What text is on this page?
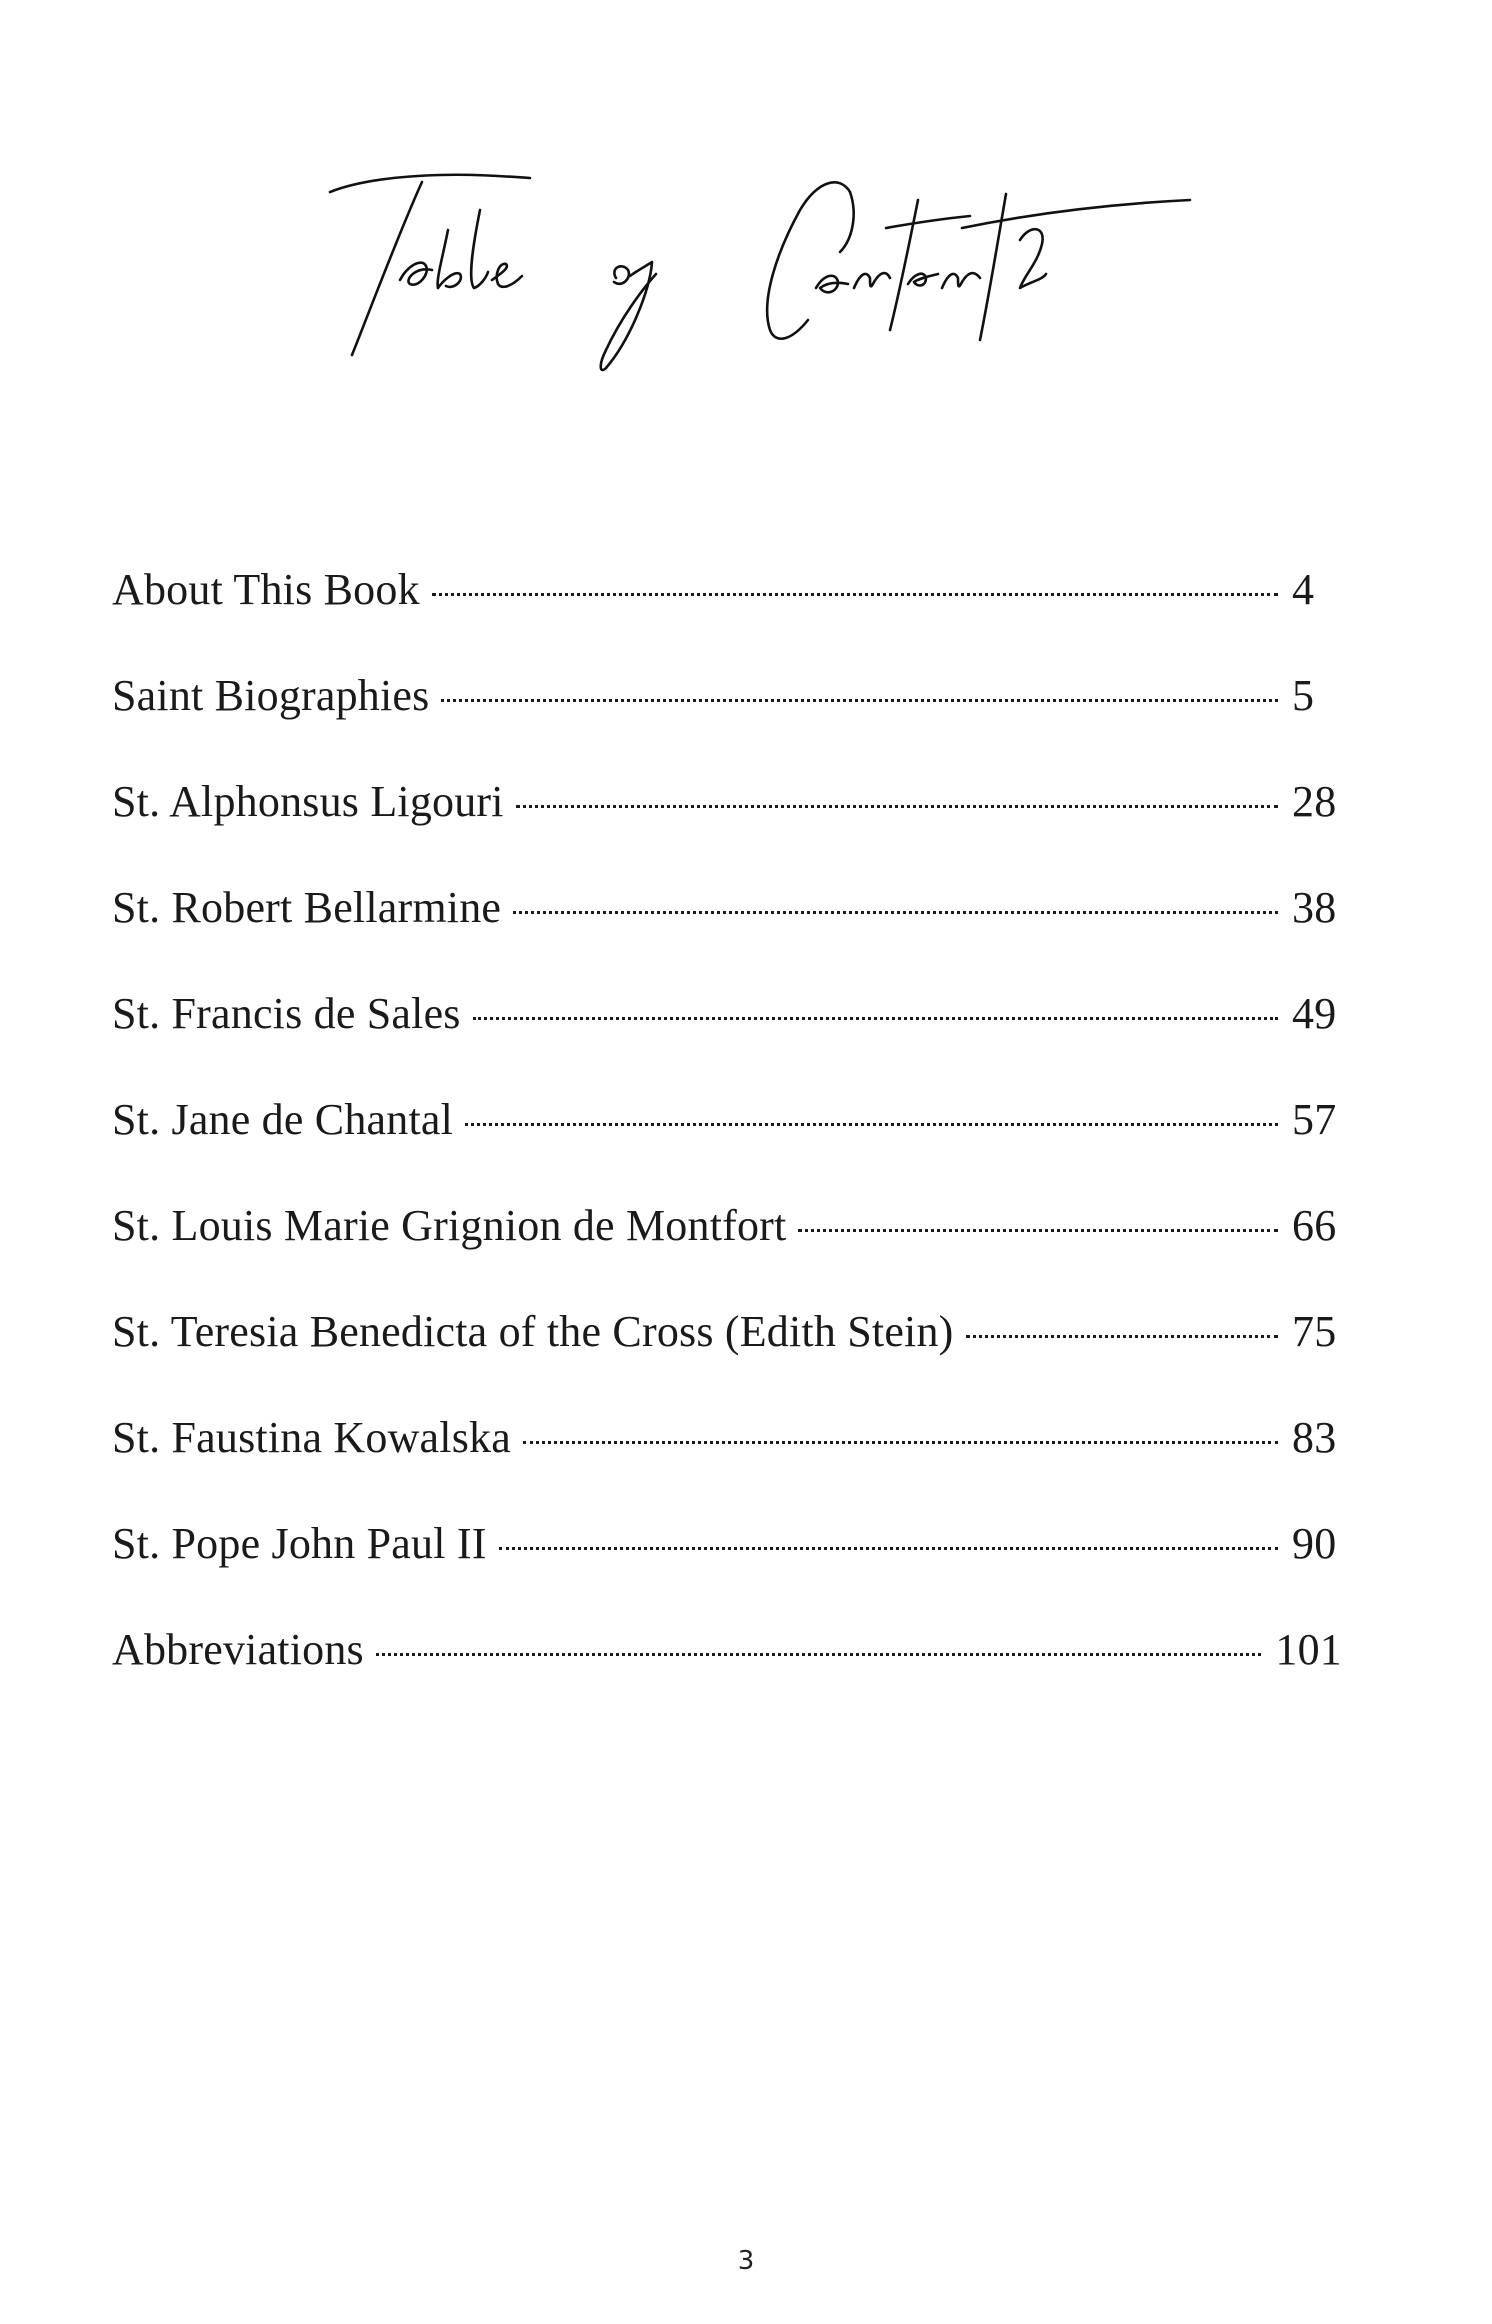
About This Book	4
Saint Biographies	5
St. Alphonsus Ligouri	28
St. Robert Bellarmine	38
St. Francis de Sales	49
St. Jane de Chantal	57
St. Louis Marie Grignion de Montfort	66
St. Teresia Benedicta of the Cross (Edith Stein)	75
St. Faustina Kowalska	83
St. Pope John Paul II	90
Abbreviations	101
3
